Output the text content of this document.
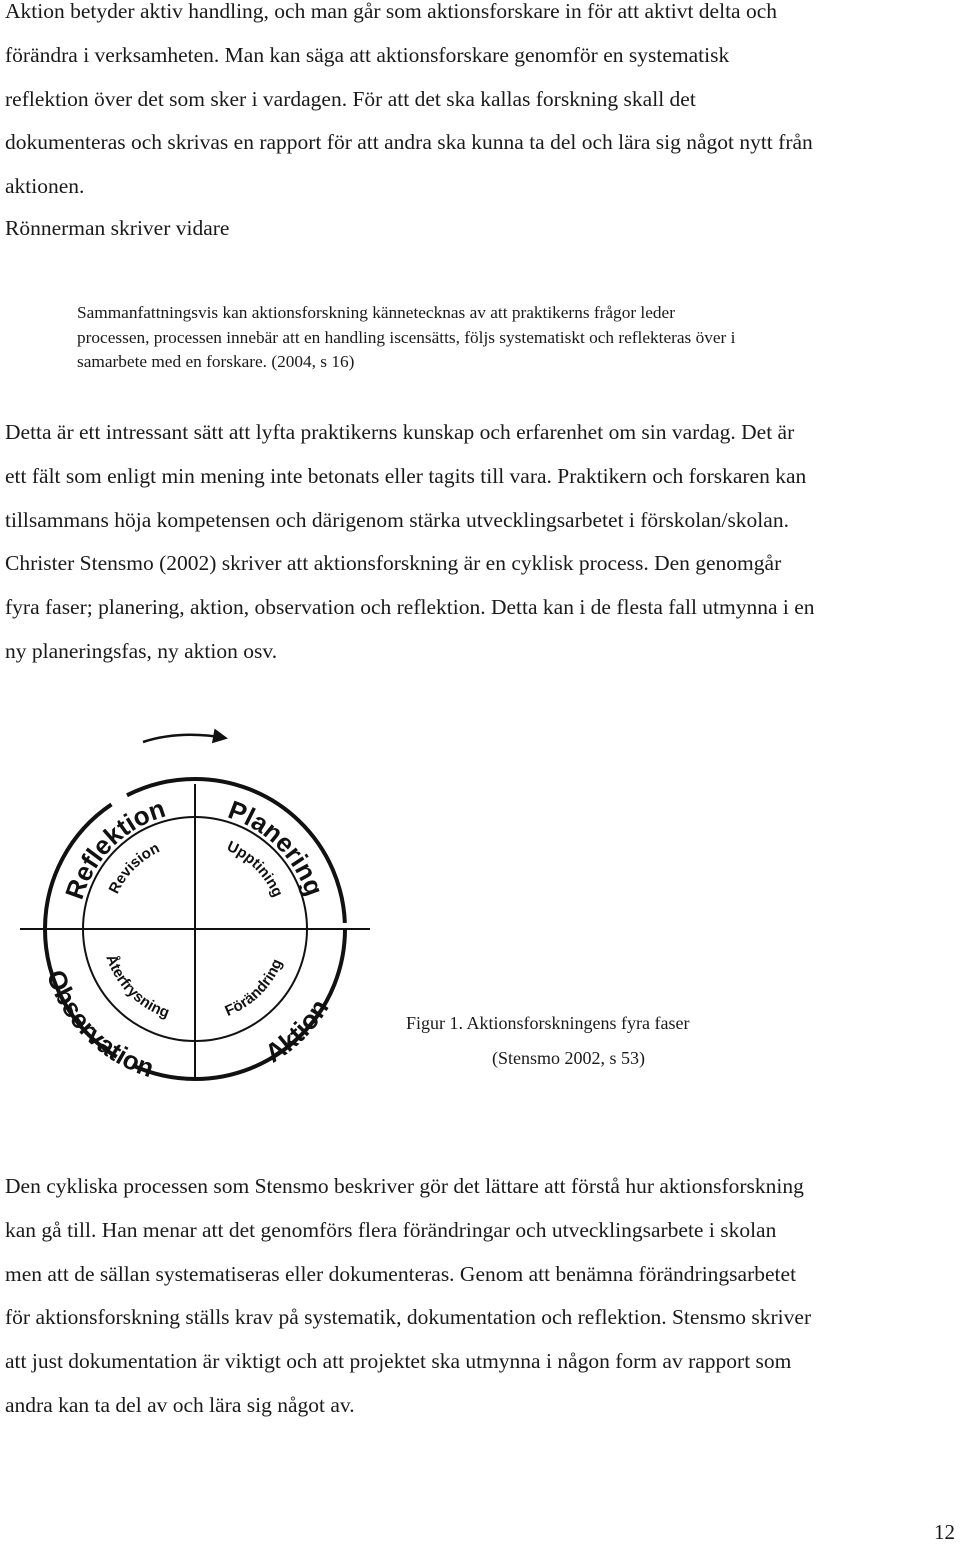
Aktion betyder aktiv handling, och man går som aktionsforskare in för att aktivt delta och
förändra i verksamheten. Man kan säga att aktionsforskare genomför en systematisk
reflektion över det som sker i vardagen. För att det ska kallas forskning skall det
dokumenteras och skrivas en rapport för att andra ska kunna ta del och lära sig något nytt från
aktionen.

Rönnerman skriver vidare

Sammanfattningsvis kan aktionsforskning kännetecknas av att praktikerns frågor leder
processen, processen innebär att en handling iscensätts, följs systematiskt och reflekteras över i
samarbete med en forskare. (2004, s 16)

Detta är ett intressant sätt att lyfta praktikerns kunskap och erfarenhet om sin vardag. Det är
ett fält som enligt min mening inte betonats eller tagits till vara. Praktikern och forskaren kan
tillsammans höja kompetensen och därigenom stärka utvecklingsarbetet i förskolan/skolan.
Christer Stensmo (2002) skriver att aktionsforskning är en cyklisk process. Den genomgår
fyra faser; planering, aktion, observation och reflektion. Detta kan i de flesta fall utmynna i en
ny planeringsfas, ny aktion osv.

Reflektion Planering
Aktion
Observation
Revision	Upptining
Förändring
Återfrysning
Figur 1. Aktionsforskningens fyra faser
(Stensmo 2002, s 53)

Den cykliska processen som Stensmo beskriver gör det lättare att förstå hur aktionsforskning
kan gå till. Han menar att det genomförs flera förändringar och utvecklingsarbete i skolan
men att de sällan systematiseras eller dokumenteras. Genom att benämna förändringsarbetet
för aktionsforskning ställs krav på systematik, dokumentation och reflektion. Stensmo skriver
att just dokumentation är viktigt och att projektet ska utmynna i någon form av rapport som
andra kan ta del av och lära sig något av.

12
